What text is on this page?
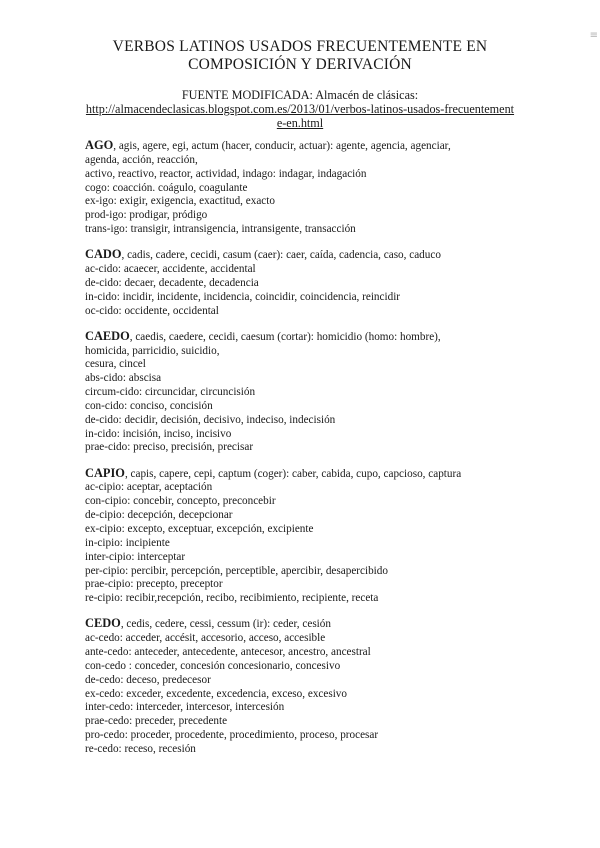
≡
VERBOS LATINOS USADOS FRECUENTEMENTE EN
COMPOSICIÓN Y DERIVACIÓN
FUENTE MODIFICADA: Almacén de clásicas:
http://almacendeclasicas.blogspot.com.es/2013/01/verbos-latinos-usados-frecuentement
e-en.html
AGO, agis, agere, egi, actum (hacer, conducir, actuar): agente, agencia, agenciar,
agenda, acción, reacción,
activo, reactivo, reactor, actividad, indago: indagar, indagación
cogo: coacción. coágulo, coagulante
ex-igo: exigir, exigencia, exactitud, exacto
prod-igo: prodigar, pródigo
trans-igo: transigir, intransigencia, intransigente, transacción
CADO, cadis, cadere, cecidi, casum (caer): caer, caída, cadencia, caso, caduco
ac-cido: acaecer, accidente, accidental
de-cido: decaer, decadente, decadencia
in-cido: incidir, incidente, incidencia, coincidir, coincidencia, reincidir
oc-cido: occidente, occidental
CAEDO, caedis, caedere, cecidi, caesum (cortar): homicidio (homo: hombre),
homicida, parricidio, suicidio,
cesura, cincel
abs-cido: abscisa
circum-cido: circuncidar, circuncisión
con-cido: conciso, concisión
de-cido: decidir, decisión, decisivo, indeciso, indecisión
in-cido: incisión, inciso, incisivo
prae-cido: preciso, precisión, precisar
CAPIO, capis, capere, cepi, captum (coger): caber, cabida, cupo, capcioso, captura
ac-cipio: aceptar, aceptación
con-cipio: concebir, concepto, preconcebir
de-cipio: decepción, decepcionar
ex-cipio: excepto, exceptuar, excepción, excipiente
in-cipio: incipiente
inter-cipio: interceptar
per-cipio: percibir, percepción, perceptible, apercibir, desapercibido
prae-cipio: precepto, preceptor
re-cipio: recibir,recepción, recibo, recibimiento, recipiente, receta
CEDO, cedis, cedere, cessi, cessum (ir): ceder, cesión
ac-cedo: acceder, accésit, accesorio, acceso, accesible
ante-cedo: anteceder, antecedente, antecesor, ancestro, ancestral
con-cedo : conceder, concesión concesionario, concesivo
de-cedo: deceso, predecesor
ex-cedo: exceder, excedente, excedencia, exceso, excesivo
inter-cedo: interceder, intercesor, intercesión
prae-cedo: preceder, precedente
pro-cedo: proceder, procedente, procedimiento, proceso, procesar
re-cedo: receso, recesión
